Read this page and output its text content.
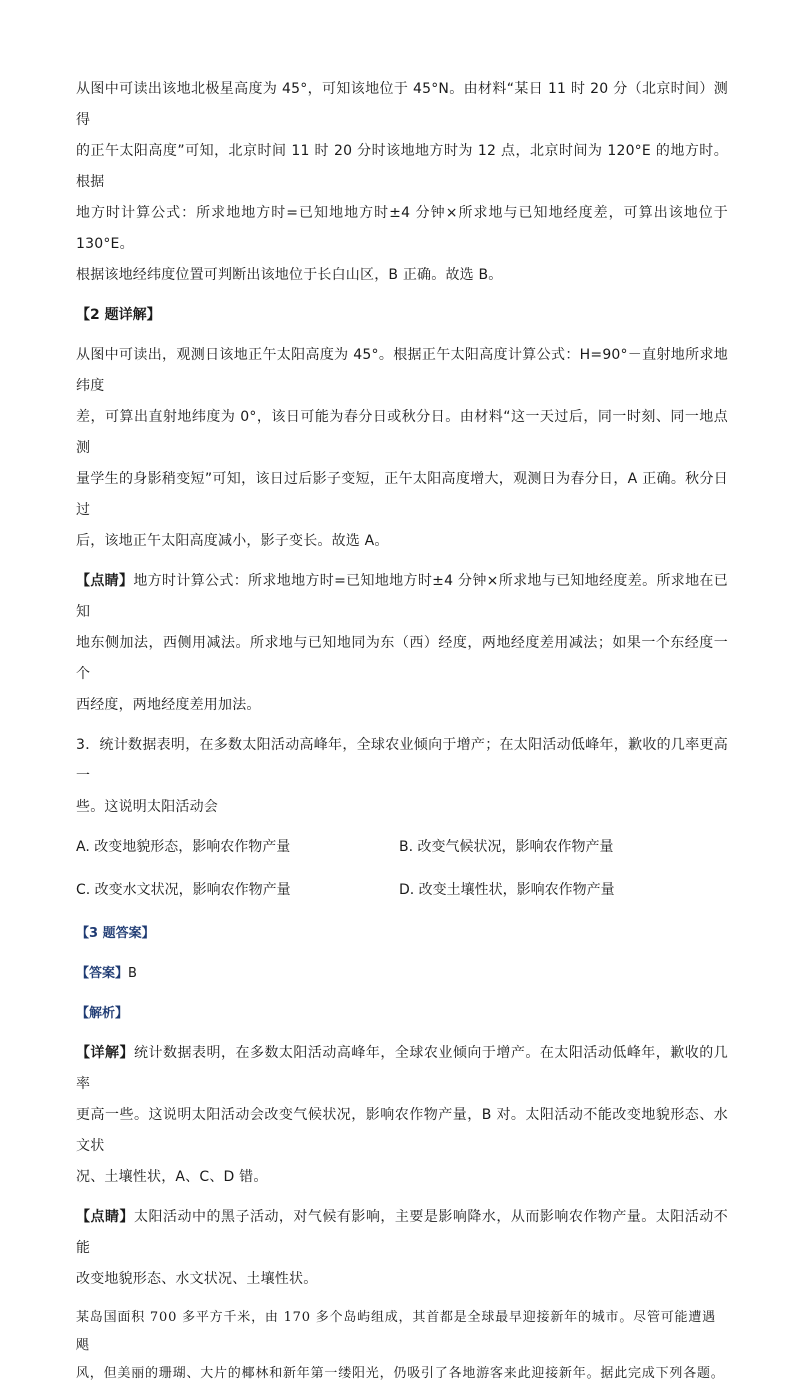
从图中可读出该地北极星高度为 45°，可知该地位于 45°N。由材料“某日 11 时 20 分（北京时间）测得

的正午太阳高度”可知，北京时间 11 时 20 分时该地地方时为 12 点，北京时间为 120°E 的地方时。根据

地方时计算公式：所求地地方时=已知地地方时±4 分钟×所求地与已知地经度差，可算出该地位于 130°E。

根据该地经纬度位置可判断出该地位于长白山区，B 正确。故选 B。

【2 题详解】

从图中可读出，观测日该地正午太阳高度为 45°。根据正午太阳高度计算公式：H=90°－直射地所求地纬度

差，可算出直射地纬度为 0°，该日可能为春分日或秋分日。由材料“这一天过后，同一时刻、同一地点测

量学生的身影稍变短”可知，该日过后影子变短，正午太阳高度增大，观测日为春分日，A 正确。秋分日过

后，该地正午太阳高度减小，影子变长。故选 A。

【点睛】地方时计算公式：所求地地方时=已知地地方时±4 分钟×所求地与已知地经度差。所求地在已知

地东侧加法，西侧用减法。所求地与已知地同为东（西）经度，两地经度差用减法；如果一个东经度一个

西经度，两地经度差用加法。

3．统计数据表明，在多数太阳活动高峰年，全球农业倾向于增产；在太阳活动低峰年，歉收的几率更高一

些。这说明太阳活动会

A. 改变地貌形态，影响农作物产量	B. 改变气候状况，影响农作物产量

C. 改变水文状况，影响农作物产量	D. 改变土壤性状，影响农作物产量

【3 题答案】

【答案】B

【解析】

【详解】统计数据表明，在多数太阳活动高峰年，全球农业倾向于增产。在太阳活动低峰年，歉收的几率

更高一些。这说明太阳活动会改变气候状况，影响农作物产量，B 对。太阳活动不能改变地貌形态、水文状

况、土壤性状，A、C、D 错。

【点睛】太阳活动中的黑子活动，对气候有影响，主要是影响降水，从而影响农作物产量。太阳活动不能

改变地貌形态、水文状况、土壤性状。

某岛国面积 700 多平方千米，由 170 多个岛屿组成，其首都是全球最早迎接新年的城市。尽管可能遭遇飓

风，但美丽的珊瑚、大片的椰林和新年第一缕阳光，仍吸引了各地游客来此迎接新年。据此完成下列各题。
